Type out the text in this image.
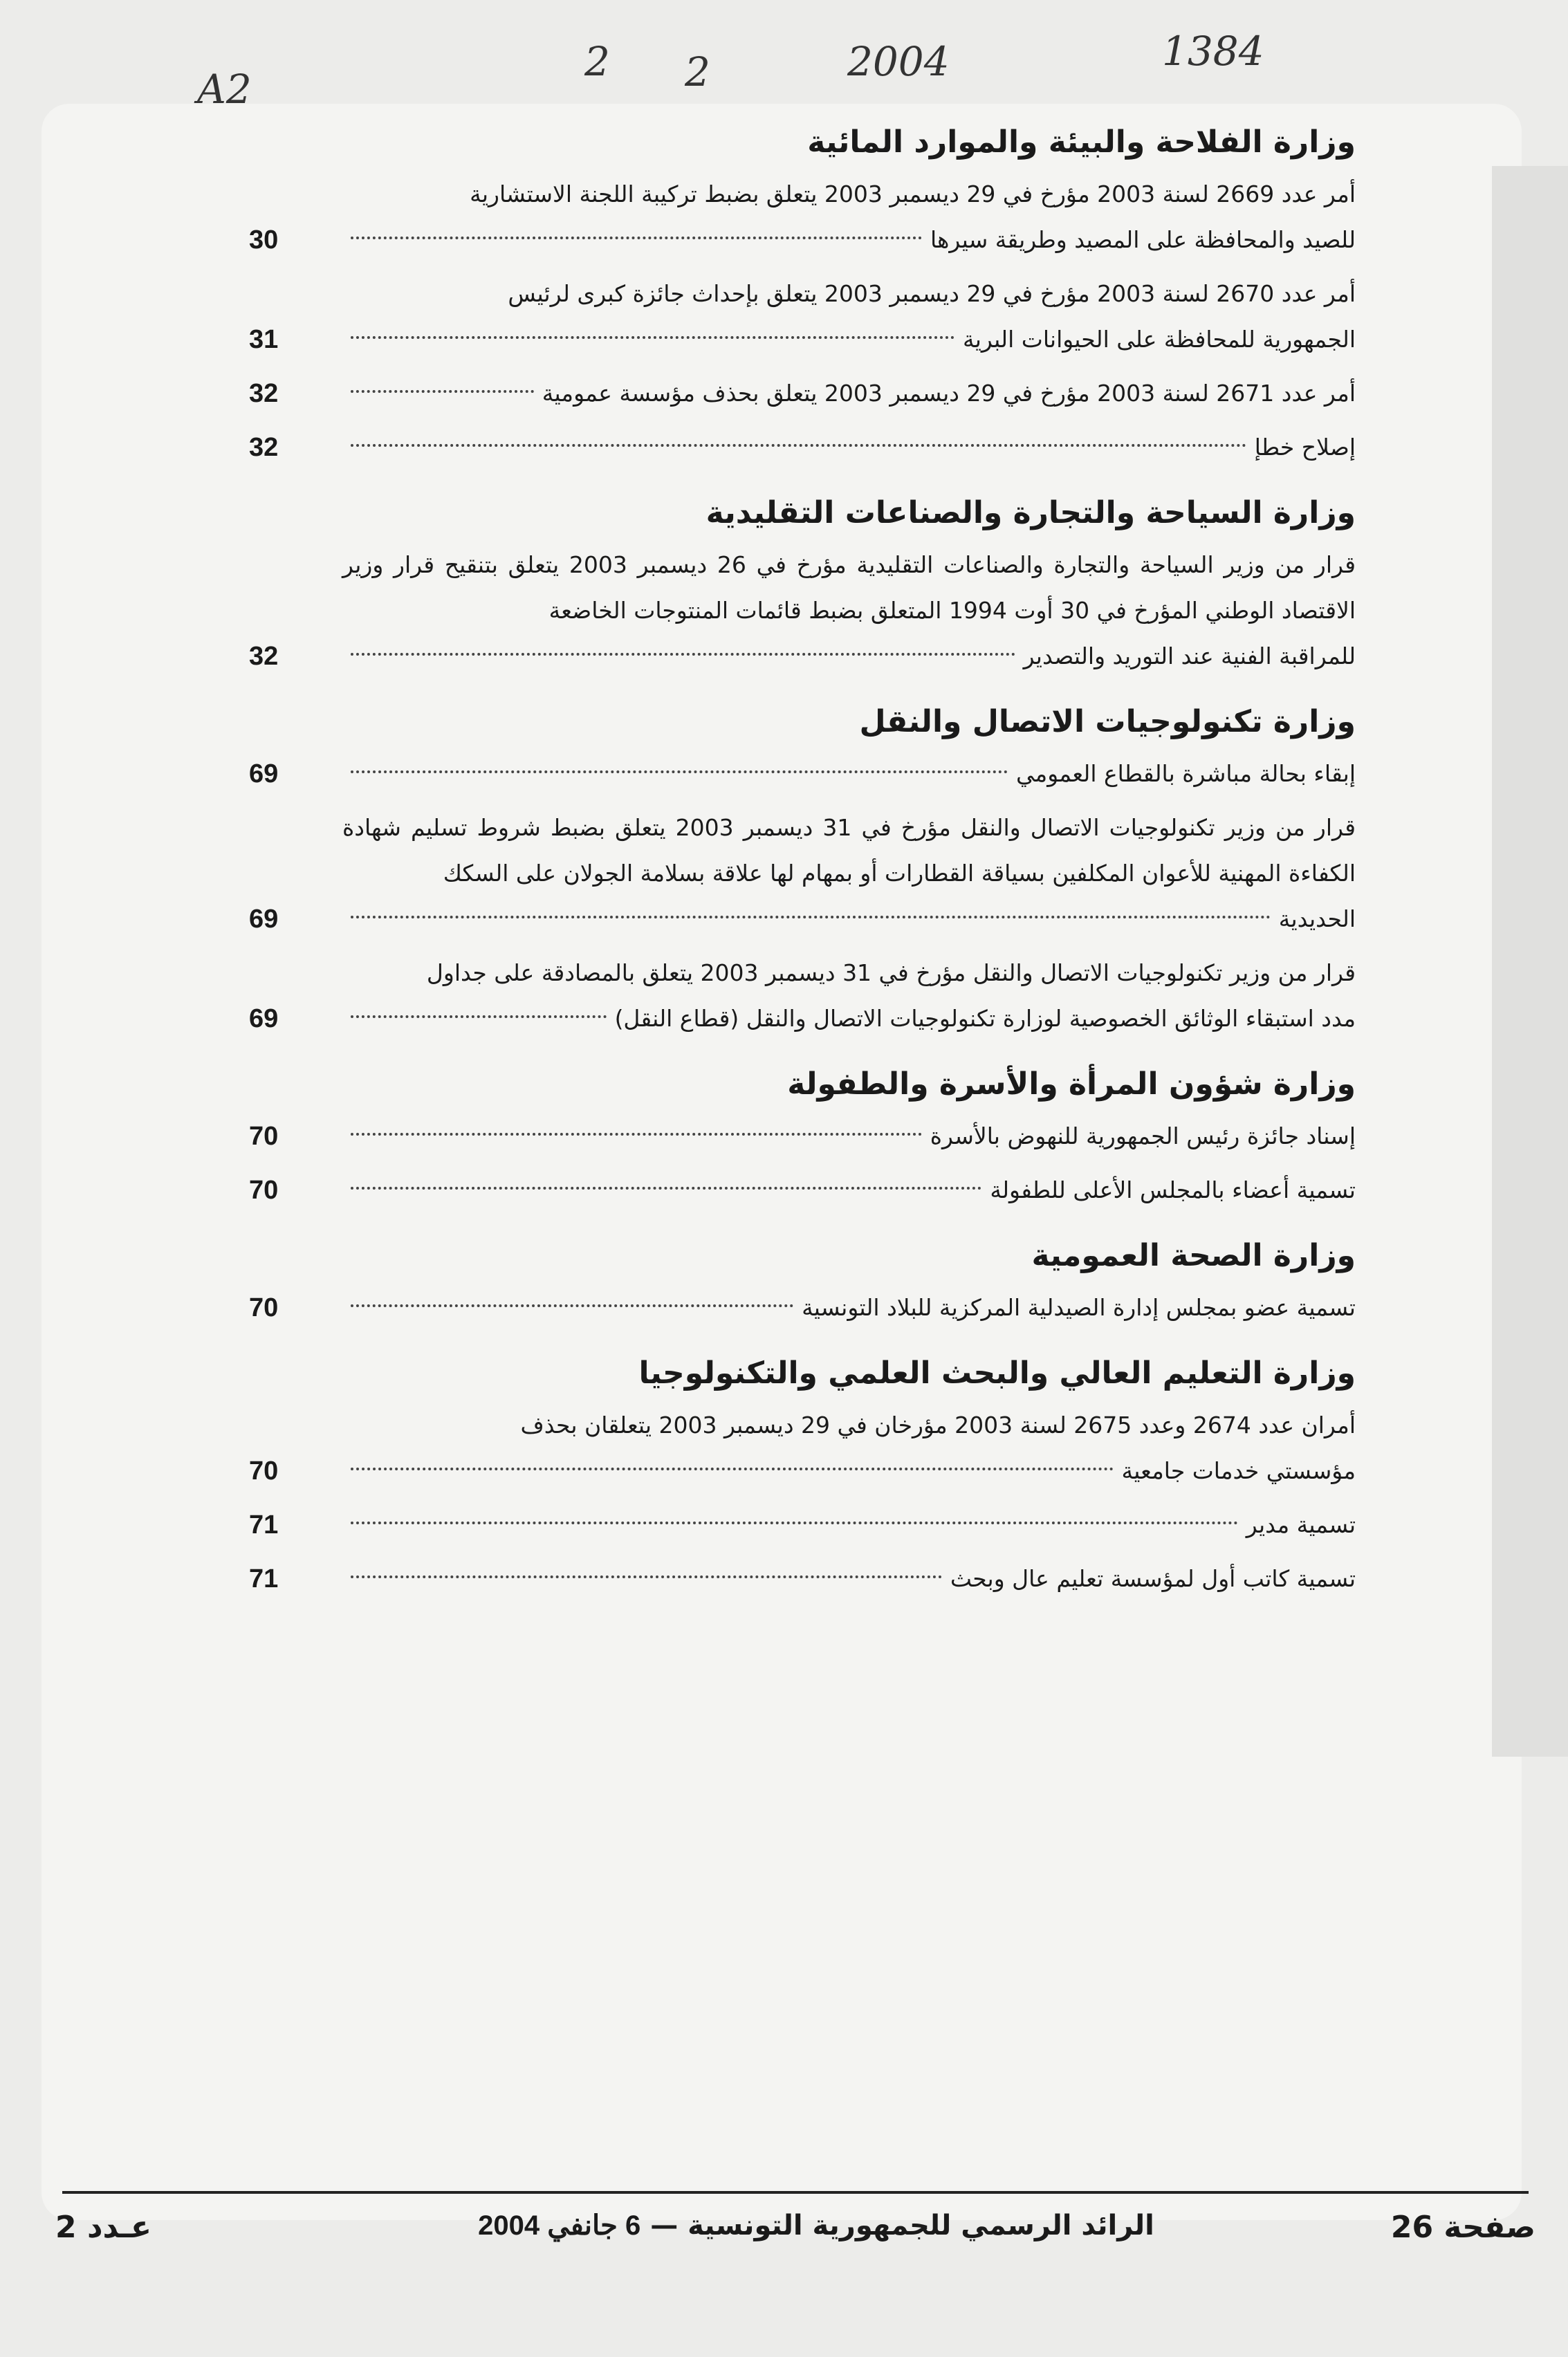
A2
2 2	2004	1384
وزارة الفلاحة والبيئة والموارد المائية
أمر عدد 2669 لسنة 2003 مؤرخ في 29 ديسمبر 2003 يتعلق بضبط تركيبة اللجنة الاستشارية
للصيد والمحافظة على المصيد وطريقة سيرها
30
أمر عدد 2670 لسنة 2003 مؤرخ في 29 ديسمبر 2003 يتعلق بإحداث جائزة كبرى لرئيس
الجمهورية للمحافظة على الحيوانات البرية
31
أمر عدد 2671 لسنة 2003 مؤرخ في 29 ديسمبر 2003 يتعلق بحذف مؤسسة عمومية
32
إصلاح خطإ
32
وزارة السياحة والتجارة والصناعات التقليدية
قرار من وزير السياحة والتجارة والصناعات التقليدية مؤرخ في 26 ديسمبر 2003 يتعلق بتنقيح قرار وزير الاقتصاد الوطني المؤرخ في 30 أوت 1994 المتعلق بضبط قائمات المنتوجات الخاضعة
للمراقبة الفنية عند التوريد والتصدير
32
وزارة تكنولوجيات الاتصال والنقل
إبقاء بحالة مباشرة بالقطاع العمومي
69
قرار من وزير تكنولوجيات الاتصال والنقل مؤرخ في 31 ديسمبر 2003 يتعلق بضبط شروط تسليم شهادة الكفاءة المهنية للأعوان المكلفين بسياقة القطارات أو بمهام لها علاقة بسلامة الجولان على السكك
الحديدية
69
قرار من وزير تكنولوجيات الاتصال والنقل مؤرخ في 31 ديسمبر 2003 يتعلق بالمصادقة على جداول
مدد استبقاء الوثائق الخصوصية لوزارة تكنولوجيات الاتصال والنقل (قطاع النقل)
69
وزارة شؤون المرأة والأسرة والطفولة
إسناد جائزة رئيس الجمهورية للنهوض بالأسرة
70
تسمية أعضاء بالمجلس الأعلى للطفولة
70
وزارة الصحة العمومية
تسمية عضو بمجلس إدارة الصيدلية المركزية للبلاد التونسية
70
وزارة التعليم العالي والبحث العلمي والتكنولوجيا
أمران عدد 2674 وعدد 2675 لسنة 2003 مؤرخان في 29 ديسمبر 2003 يتعلقان بحذف
مؤسستي خدمات جامعية
70
تسمية مدير
71
تسمية كاتب أول لمؤسسة تعليم عال وبحث
71
صفحة 26
الرائد الرسمي للجمهورية التونسية — 6 جانفي 2004
عـدد 2
